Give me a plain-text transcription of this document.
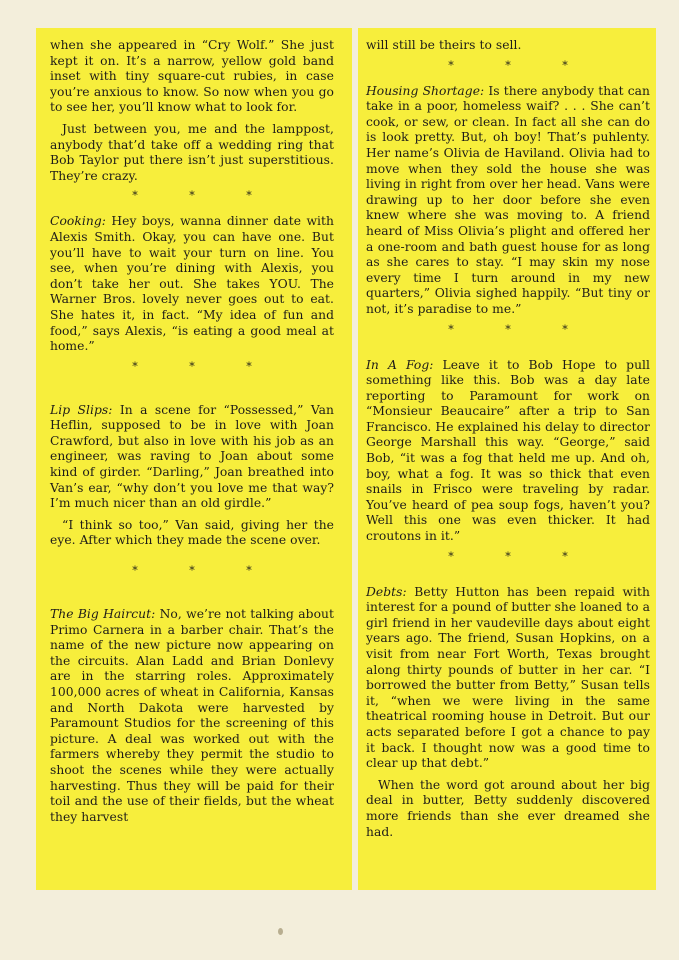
when she appeared in “Cry Wolf.” She just kept it on. It’s a narrow, yellow gold band inset with tiny square-cut rubies, in case you’re anxious to know. So now when you go to see her, you’ll know what to look for.

Just between you, me and the lamppost, anybody that’d take off a wedding ring that Bob Taylor put there isn’t just superstitious. They’re crazy.

* * *

Cooking: Hey boys, wanna dinner date with Alexis Smith. Okay, you can have one. But you’ll have to wait your turn on line. You see, when you’re dining with Alexis, you don’t take her out. She takes YOU. The Warner Bros. lovely never goes out to eat. She hates it, in fact. “My idea of fun and food,” says Alexis, “is eating a good meal at home.”

* * *

Lip Slips: In a scene for “Possessed,” Van Heflin, supposed to be in love with Joan Crawford, but also in love with his job as an engineer, was raving to Joan about some kind of girder. “Darling,” Joan breathed into Van’s ear, “why don’t you love me that way? I’m much nicer than an old girdle.”

“I think so too,” Van said, giving her the eye. After which they made the scene over.

* * *

The Big Haircut: No, we’re not talking about Primo Carnera in a barber chair. That’s the name of the new picture now appearing on the circuits. Alan Ladd and Brian Donlevy are in the starring roles. Approximately 100,000 acres of wheat in California, Kansas and North Dakota were harvested by Paramount Studios for the screening of this picture. A deal was worked out with the farmers whereby they permit the studio to shoot the scenes while they were actually harvesting. Thus they will be paid for their toil and the use of their fields, but the wheat they harvest

will still be theirs to sell.

* * *

Housing Shortage: Is there anybody that can take in a poor, homeless waif? . . . She can’t cook, or sew, or clean. In fact all she can do is look pretty. But, oh boy! That’s puhlenty. Her name’s Olivia de Haviland. Olivia had to move when they sold the house she was living in right from over her head. Vans were drawing up to her door before she even knew where she was moving to. A friend heard of Miss Olivia’s plight and offered her a one-room and bath guest house for as long as she cares to stay. “I may skin my nose every time I turn around in my new quarters,” Olivia sighed happily. “But tiny or not, it’s paradise to me.”

* * *

In A Fog: Leave it to Bob Hope to pull something like this. Bob was a day late reporting to Paramount for work on “Monsieur Beaucaire” after a trip to San Francisco. He explained his delay to director George Marshall this way. “George,” said Bob, “it was a fog that held me up. And oh, boy, what a fog. It was so thick that even snails in Frisco were traveling by radar. You’ve heard of pea soup fogs, haven’t you? Well this one was even thicker. It had croutons in it.”

* * *

Debts: Betty Hutton has been repaid with interest for a pound of butter she loaned to a girl friend in her vaudeville days about eight years ago. The friend, Susan Hopkins, on a visit from near Fort Worth, Texas brought along thirty pounds of butter in her car. “I borrowed the butter from Betty,” Susan tells it, “when we were living in the same theatrical rooming house in Detroit. But our acts separated before I got a chance to pay it back. I thought now was a good time to clear up that debt.”

When the word got around about her big deal in butter, Betty suddenly discovered more friends than she ever dreamed she had.
